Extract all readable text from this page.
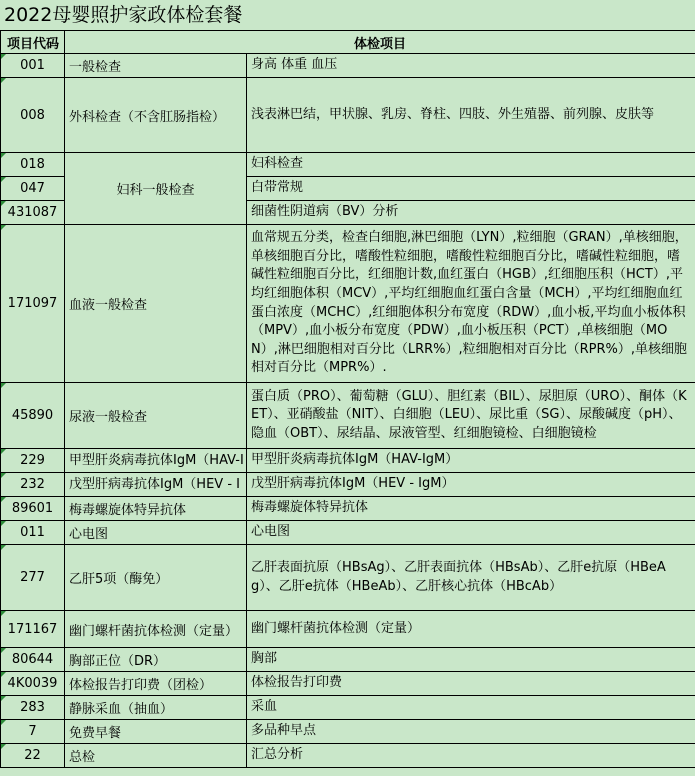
2022母婴照护家政体检套餐
项目代码	体检项目	
001	一般检查	身高 体重 血压
008	外科检查（不含肛肠指检）	浅表淋巴结，甲状腺、乳房、脊柱、四肢、外生殖器、前列腺、皮肤等
018	妇科一般检查	妇科检查
047		白带常规
431087		细菌性阴道病（BV）分析
171097	血液一般检查	血常规五分类，检查白细胞,淋巴细胞（LYN）,粒细胞（GRAN）,单核细胞，单核细胞百分比，嗜酸性粒细胞，嗜酸性粒细胞百分比，嗜碱性粒细胞，嗜碱性粒细胞百分比，红细胞计数,血红蛋白（HGB）,红细胞压积（HCT）,平均红细胞体积（MCV）,平均红细胞血红蛋白含量（MCH）,平均红细胞血红蛋白浓度（MCHC）,红细胞体积分布宽度（RDW）,血小板,平均血小板体积（MPV）,血小板分布宽度（PDW）,血小板压积（PCT）,单核细胞（MON）,淋巴细胞相对百分比（LRR%）,粒细胞相对百分比（RPR%）,单核细胞相对百分比（MPR%）.
45890	尿液一般检查	蛋白质（PRO）、葡萄糖（GLU）、胆红素（BIL）、尿胆原（URO）、酮体（KET）、亚硝酸盐（NIT）、白细胞（LEU）、尿比重（SG）、尿酸碱度（pH）、隐血（OBT）、尿结晶、尿液管型、红细胞镜检、白细胞镜检
229	甲型肝炎病毒抗体IgM（HAV-I	甲型肝炎病毒抗体IgM（HAV-IgM）
232	戊型肝病毒抗体IgM（HEV - I	戊型肝病毒抗体IgM（HEV - IgM）
89601	梅毒螺旋体特异抗体	梅毒螺旋体特异抗体
011	心电图	心电图
277	乙肝5项（酶免）	乙肝表面抗原（HBsAg）、乙肝表面抗体（HBsAb）、乙肝e抗原（HBeAg）、乙肝e抗体（HBeAb）、乙肝核心抗体（HBcAb）
171167	幽门螺杆菌抗体检测（定量）	幽门螺杆菌抗体检测（定量）
80644	胸部正位（DR）	胸部
4K0039	体检报告打印费（团检）	体检报告打印费
283	静脉采血（抽血）	采血
7	免费早餐	多品种早点
22	总检	汇总分析
